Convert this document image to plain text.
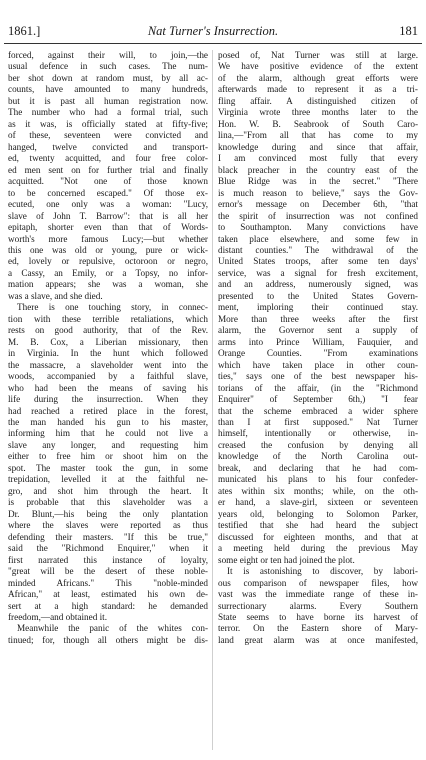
1861.]	Nat Turner's Insurrection.	181
forced, against their will, to join,—the
usual defence in such cases. The num-
ber shot down at random must, by all ac-
counts, have amounted to many hundreds,
but it is past all human registration now.
The number who had a formal trial, such
as it was, is officially stated at fifty-five;
of these, seventeen were convicted and
hanged, twelve convicted and transport-
ed, twenty acquitted, and four free color-
ed men sent on for further trial and finally
acquitted. "Not one of those known
to be concerned escaped." Of those ex-
ecuted, one only was a woman: "Lucy,
slave of John T. Barrow": that is all her
epitaph, shorter even than that of Words-
worth's more famous Lucy;—but whether
this one was old or young, pure or wick-
ed, lovely or repulsive, octoroon or negro,
a Cassy, an Emily, or a Topsy, no infor-
mation appears; she was a woman, she
was a slave, and she died.
There is one touching story, in connec-
tion with these terrible retaliations, which
rests on good authority, that of the Rev.
M. B. Cox, a Liberian missionary, then
in Virginia. In the hunt which followed
the massacre, a slaveholder went into the
woods, accompanied by a faithful slave,
who had been the means of saving his
life during the insurrection. When they
had reached a retired place in the forest,
the man handed his gun to his master,
informing him that he could not live a
slave any longer, and requesting him
either to free him or shoot him on the
spot. The master took the gun, in some
trepidation, levelled it at the faithful ne-
gro, and shot him through the heart. It
is probable that this slaveholder was a
Dr. Blunt,—his being the only plantation
where the slaves were reported as thus
defending their masters. "If this be true,"
said the "Richmond Enquirer," when it
first narrated this instance of loyalty,
"great will be the desert of these noble-
minded Africans." This "noble-minded
African," at least, estimated his own de-
sert at a high standard: he demanded
freedom,—and obtained it.
Meanwhile the panic of the whites con-
tinued; for, though all others might be dis-
posed of, Nat Turner was still at large.
We have positive evidence of the extent
of the alarm, although great efforts were
afterwards made to represent it as a tri-
fling affair. A distinguished citizen of
Virginia wrote three months later to the
Hon. W. B. Seabrook of South Caro-
lina,—"From all that has come to my
knowledge during and since that affair,
I am convinced most fully that every
black preacher in the country east of the
Blue Ridge was in the secret." "There
is much reason to believe," says the Gov-
ernor's message on December 6th, "that
the spirit of insurrection was not confined
to Southampton. Many convictions have
taken place elsewhere, and some few in
distant counties." The withdrawal of the
United States troops, after some ten days'
service, was a signal for fresh excitement,
and an address, numerously signed, was
presented to the United States Govern-
ment, imploring their continued stay.
More than three weeks after the first
alarm, the Governor sent a supply of
arms into Prince William, Fauquier, and
Orange Counties. "From examinations
which have taken place in other coun-
ties," says one of the best newspaper his-
torians of the affair, (in the "Richmond
Enquirer" of September 6th,) "I fear
that the scheme embraced a wider sphere
than I at first supposed." Nat Turner
himself, intentionally or otherwise, in-
creased the confusion by denying all
knowledge of the North Carolina out-
break, and declaring that he had com-
municated his plans to his four confeder-
ates within six months; while, on the oth-
er hand, a slave-girl, sixteen or seventeen
years old, belonging to Solomon Parker,
testified that she had heard the subject
discussed for eighteen months, and that at
a meeting held during the previous May
some eight or ten had joined the plot.
It is astonishing to discover, by labori-
ous comparison of newspaper files, how
vast was the immediate range of these in-
surrectionary alarms. Every Southern
State seems to have borne its harvest of
terror. On the Eastern shore of Mary-
land great alarm was at once manifested,
